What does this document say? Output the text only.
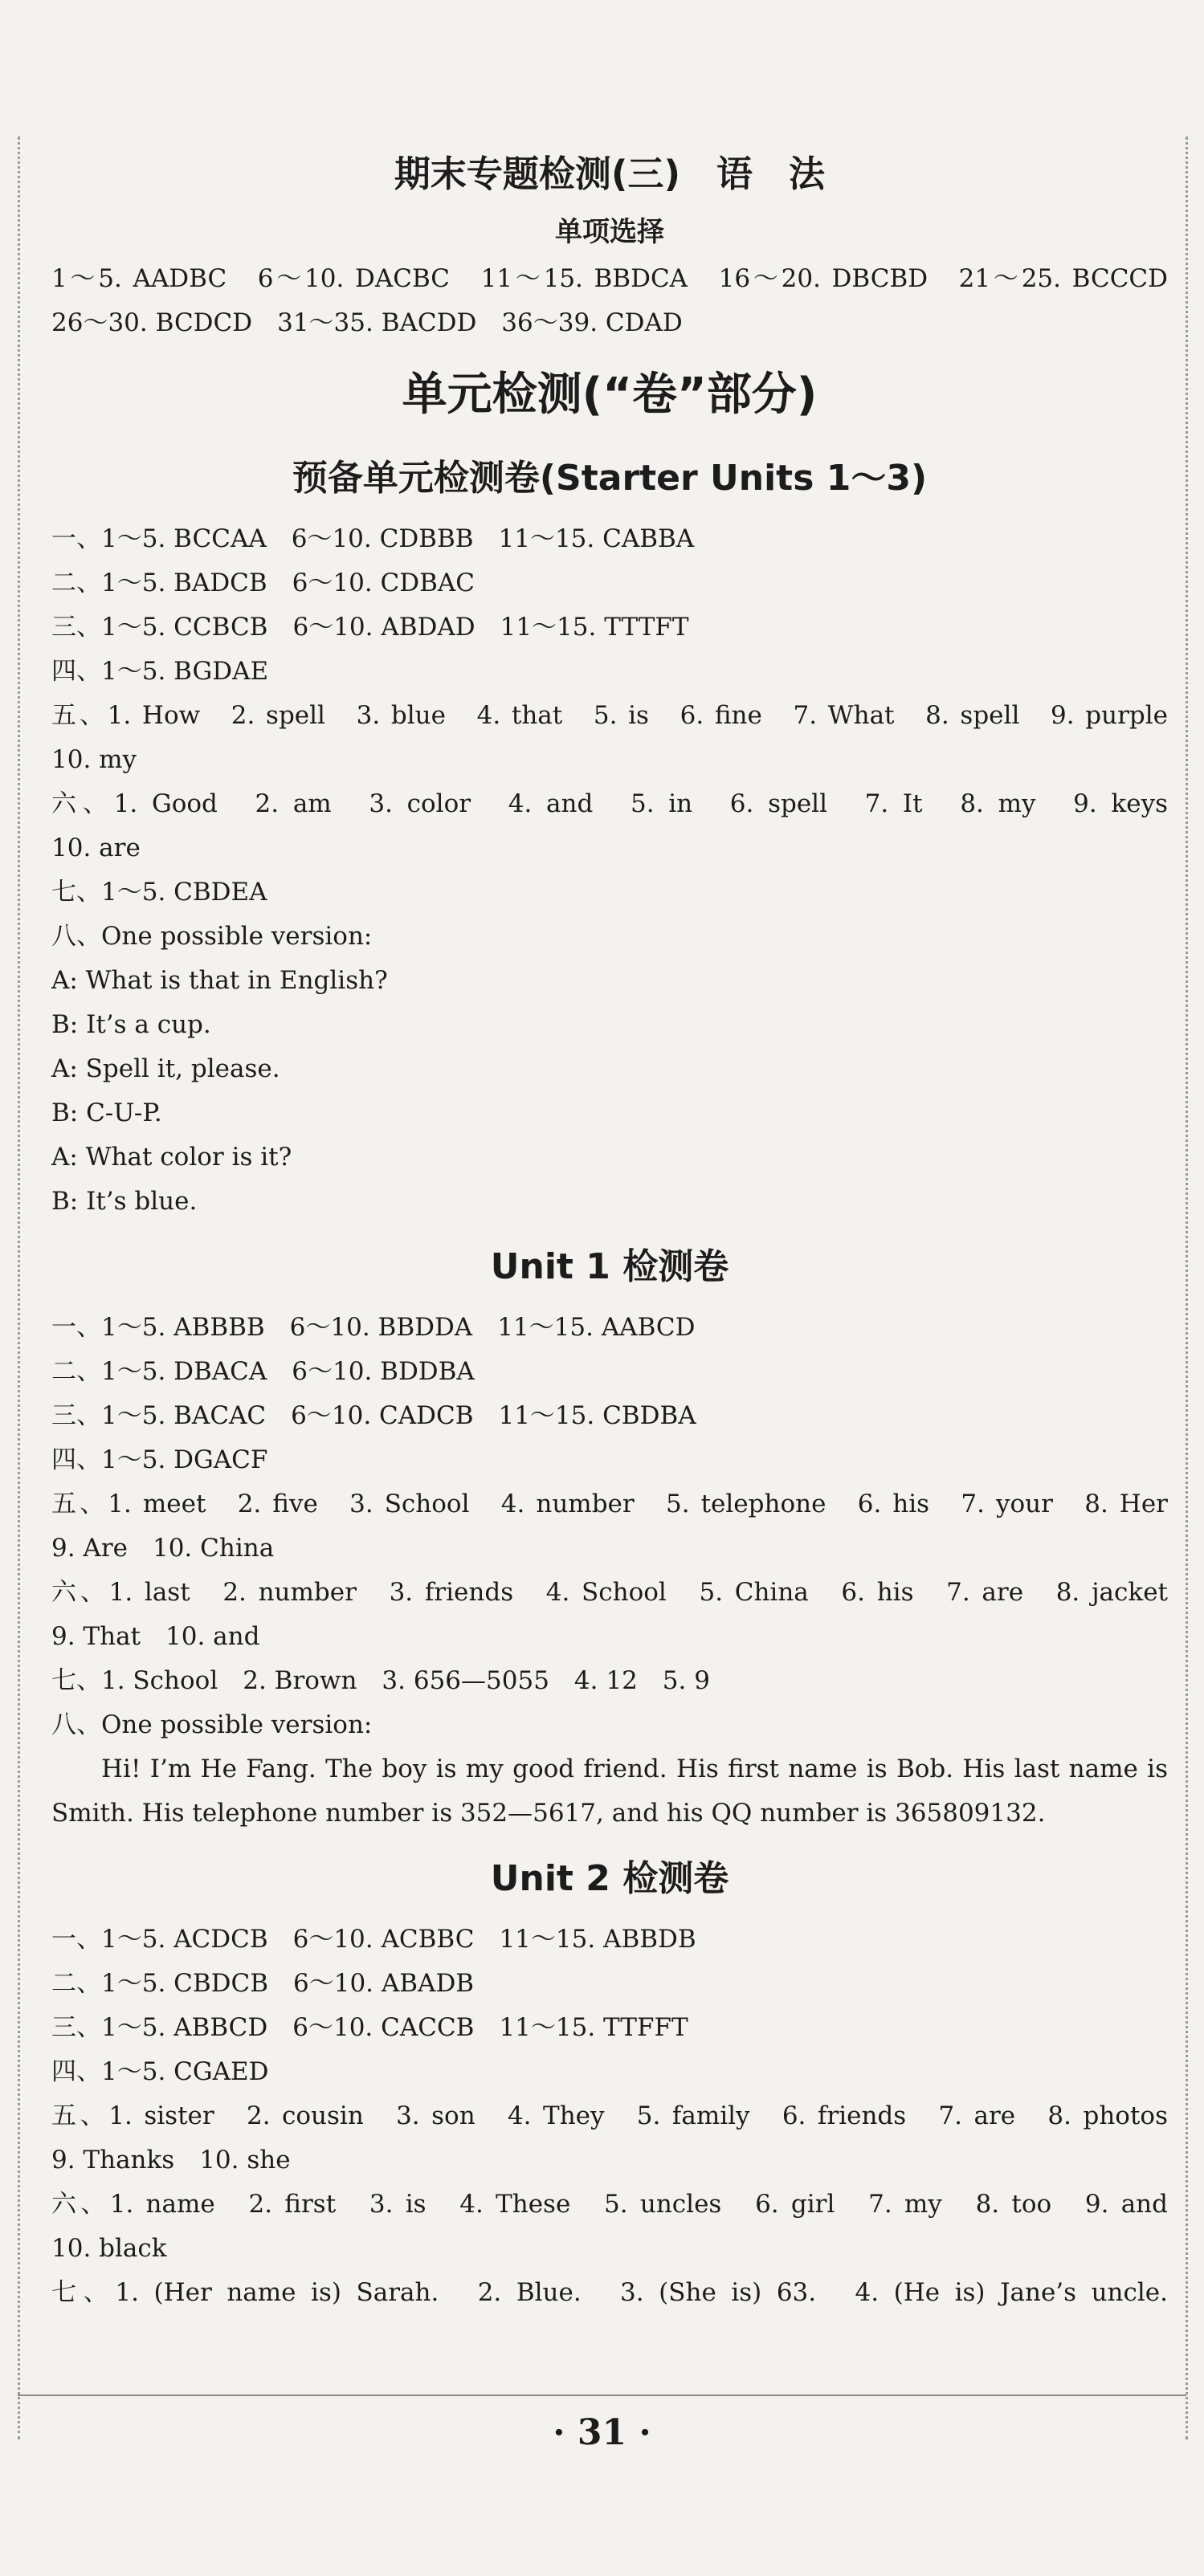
期末专题检测(三)　语　法
单项选择
1～5. AADBC　6～10. DACBC　11～15. BBDCA　16～20. DBCBD　21～25. BCCCD
26～30. BCDCD　31～35. BACDD　36～39. CDAD
单元检测(“卷”部分)
预备单元检测卷(Starter Units 1～3)
一、1～5. BCCAA　6～10. CDBBB　11～15. CABBA
二、1～5. BADCB　6～10. CDBAC
三、1～5. CCBCB　6～10. ABDAD　11～15. TTTFT
四、1～5. BGDAE
五、1. How　2. spell　3. blue　4. that　5. is　6. fine　7. What　8. spell　9. purple
10. my
六、1. Good　2. am　3. color　4. and　5. in　6. spell　7. It　8. my　9. keys
10. are
七、1～5. CBDEA
八、One possible version:
A: What is that in English?
B: It’s a cup.
A: Spell it, please.
B: C-U-P.
A: What color is it?
B: It’s blue.
Unit 1 检测卷
一、1～5. ABBBB　6～10. BBDDA　11～15. AABCD
二、1～5. DBACA　6～10. BDDBA
三、1～5. BACAC　6～10. CADCB　11～15. CBDBA
四、1～5. DGACF
五、1. meet　2. five　3. School　4. number　5. telephone　6. his　7. your　8. Her
9. Are　10. China
六、1. last　2. number　3. friends　4. School　5. China　6. his　7. are　8. jacket
9. That　10. and
七、1. School　2. Brown　3. 656—5055　4. 12　5. 9
八、One possible version:
Hi! I’m He Fang. The boy is my good friend. His first name is Bob. His last name is
Smith. His telephone number is 352—5617, and his QQ number is 365809132.
Unit 2 检测卷
一、1～5. ACDCB　6～10. ACBBC　11～15. ABBDB
二、1～5. CBDCB　6～10. ABADB
三、1～5. ABBCD　6～10. CACCB　11～15. TTFFT
四、1～5. CGAED
五、1. sister　2. cousin　3. son　4. They　5. family　6. friends　7. are　8. photos
9. Thanks　10. she
六、1. name　2. first　3. is　4. These　5. uncles　6. girl　7. my　8. too　9. and
10. black
七、1. (Her name is) Sarah.　2. Blue.　3. (She is) 63.　4. (He is) Jane’s uncle.
· 31 ·
